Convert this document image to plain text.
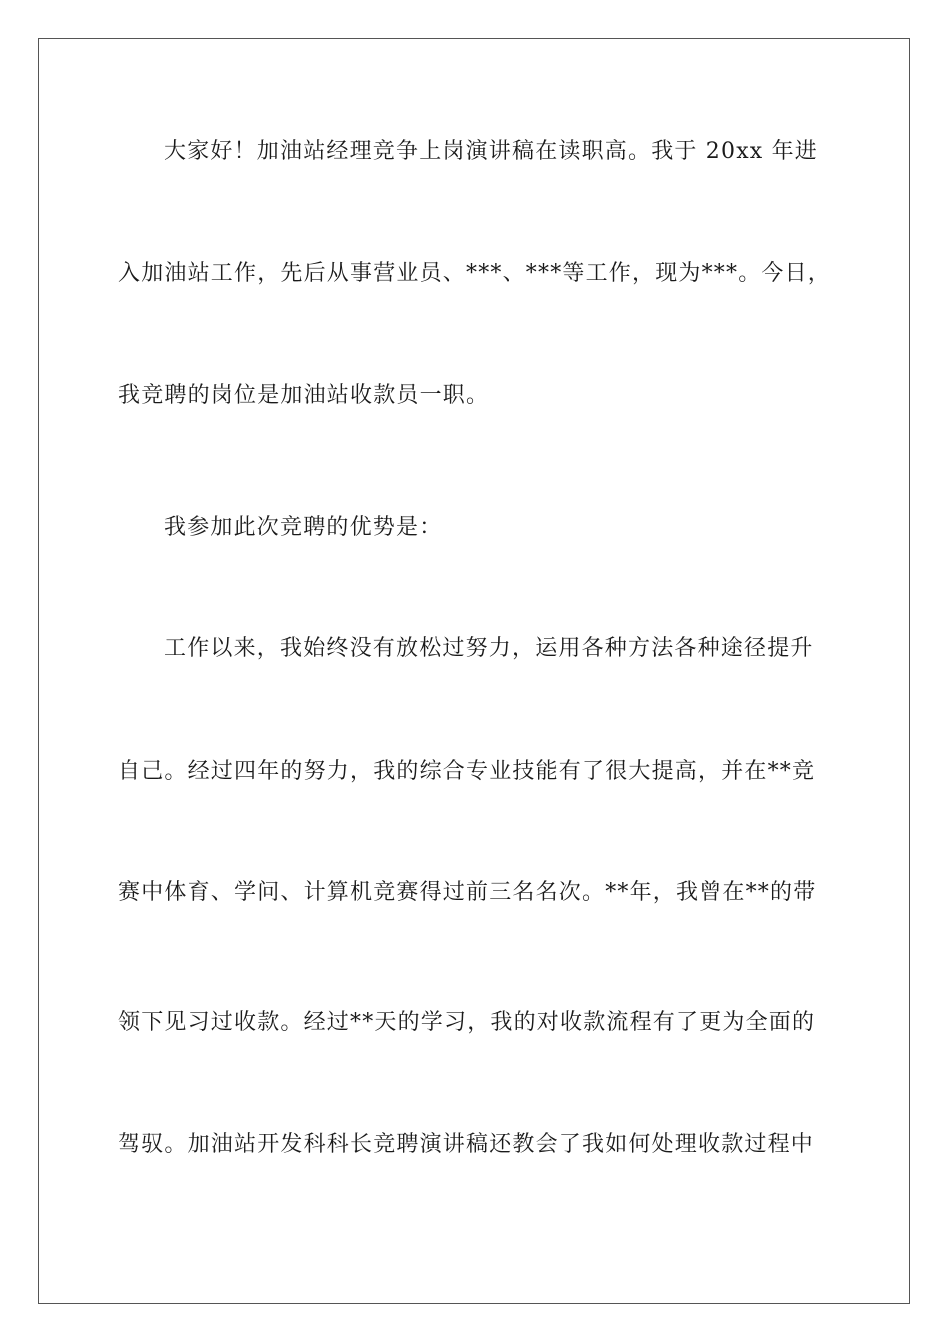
大家好！加油站经理竞争上岗演讲稿在读职高。我于 20xx 年进
入加油站工作，先后从事营业员、***、***等工作，现为***。今日，
我竞聘的岗位是加油站收款员一职。
我参加此次竞聘的优势是：
工作以来，我始终没有放松过努力，运用各种方法各种途径提升
自己。经过四年的努力，我的综合专业技能有了很大提高，并在**竞
赛中体育、学问、计算机竞赛得过前三名名次。**年，我曾在**的带
领下见习过收款。经过**天的学习，我的对收款流程有了更为全面的
驾驭。加油站开发科科长竞聘演讲稿还教会了我如何处理收款过程中
